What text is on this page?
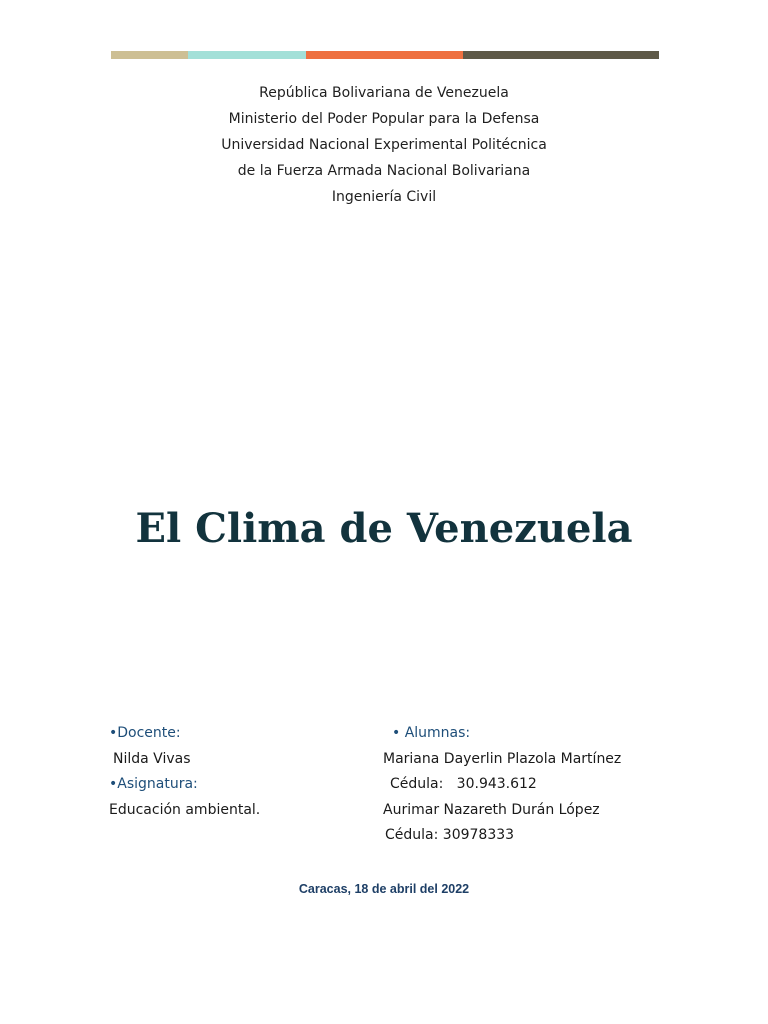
República Bolivariana de Venezuela
Ministerio del Poder Popular para la Defensa
Universidad Nacional Experimental Politécnica
de la Fuerza Armada Nacional Bolivariana
Ingeniería Civil
El Clima de Venezuela
•Docente:
Nilda Vivas
•Asignatura:
Educación ambiental.
• Alumnas:
Mariana Dayerlin Plazola Martínez
Cédula:   30.943.612
Aurimar Nazareth Durán López
Cédula: 30978333
Caracas, 18 de abril del 2022
